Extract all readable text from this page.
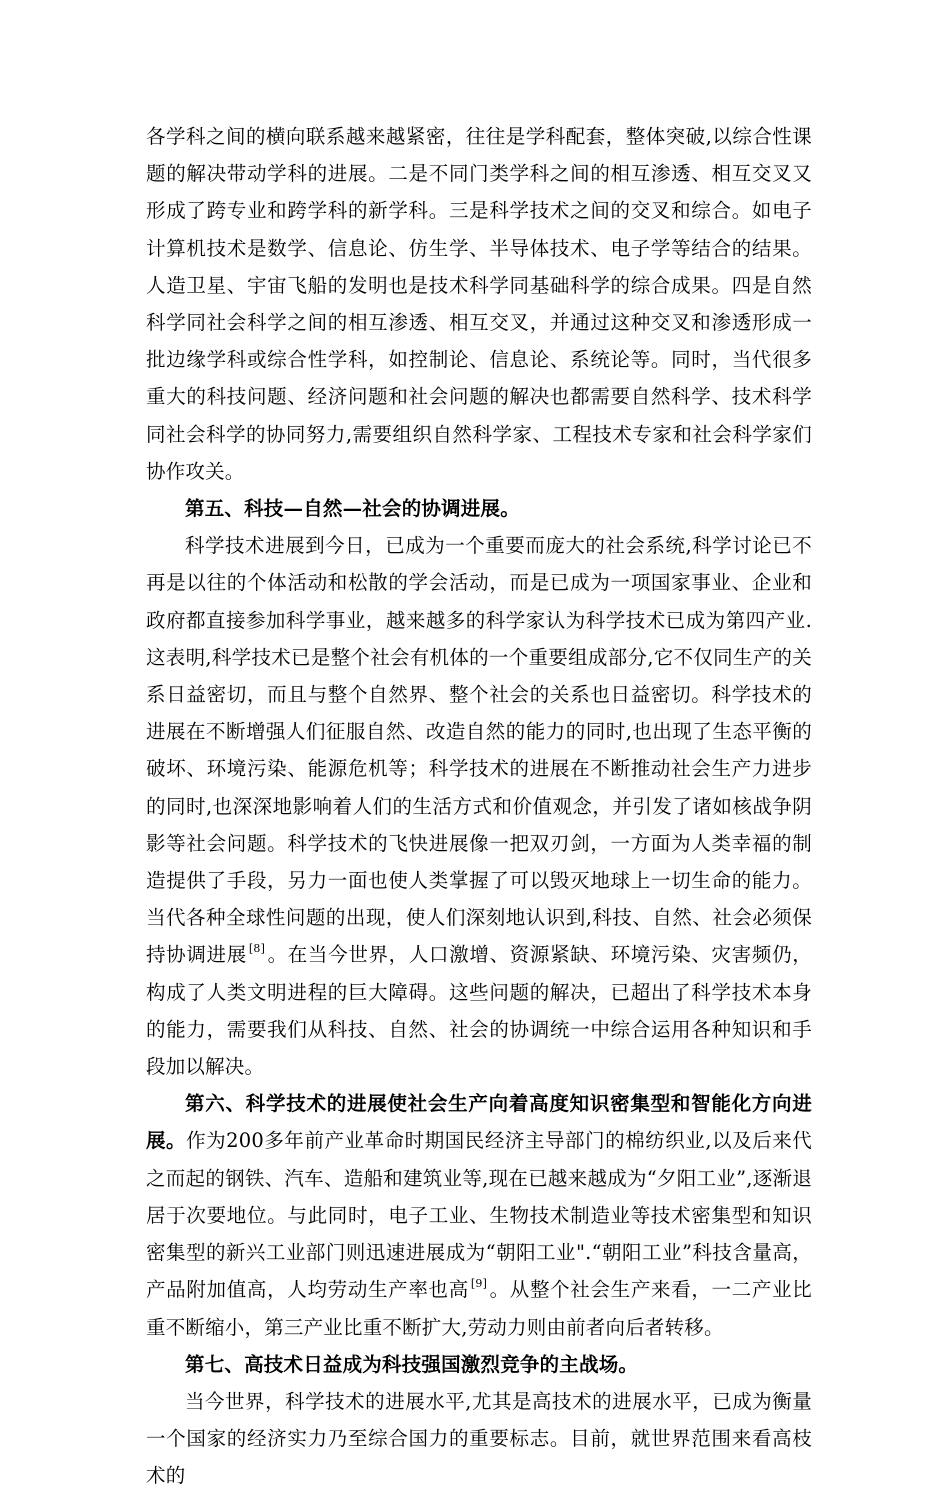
各学科之间的横向联系越来越紧密，往往是学科配套，整体突破,以综合性课题的解决带动学科的进展。二是不同门类学科之间的相互渗透、相互交叉又形成了跨专业和跨学科的新学科。三是科学技术之间的交叉和综合。如电子计算机技术是数学、信息论、仿生学、半导体技术、电子学等结合的结果。人造卫星、宇宙飞船的发明也是技术科学同基础科学的综合成果。四是自然科学同社会科学之间的相互渗透、相互交叉，并通过这种交叉和渗透形成一批边缘学科或综合性学科，如控制论、信息论、系统论等。同时，当代很多重大的科技问题、经济问题和社会问题的解决也都需要自然科学、技术科学同社会科学的协同努力,需要组织自然科学家、工程技术专家和社会科学家们协作攻关。

第五、科技—自然—社会的协调进展。

科学技术进展到今日，已成为一个重要而庞大的社会系统,科学讨论已不再是以往的个体活动和松散的学会活动，而是已成为一项国家事业、企业和政府都直接参加科学事业，越来越多的科学家认为科学技术已成为第四产业.这表明,科学技术已是整个社会有机体的一个重要组成部分,它不仅同生产的关系日益密切，而且与整个自然界、整个社会的关系也日益密切。科学技术的进展在不断增强人们征服自然、改造自然的能力的同时,也出现了生态平衡的破坏、环境污染、能源危机等；科学技术的进展在不断推动社会生产力进步的同时,也深深地影响着人们的生活方式和价值观念，并引发了诸如核战争阴影等社会问题。科学技术的飞快进展像一把双刃剑，一方面为人类幸福的制造提供了手段，另力一面也使人类掌握了可以毁灭地球上一切生命的能力。当代各种全球性问题的出现，使人们深刻地认识到,科技、自然、社会必须保持协调进展 [8] 。在当今世界，人口激增、资源紧缺、环境污染、灾害频仍，构成了人类文明进程的巨大障碍。这些问题的解决，已超出了科学技术本身的能力，需要我们从科技、自然、社会的协调统一中综合运用各种知识和手段加以解决。

第六、科学技术的进展使社会生产向着高度知识密集型和智能化方向进展。作为200多年前产业革命时期国民经济主导部门的棉纺织业,以及后来代之而起的钢铁、汽车、造船和建筑业等,现在已越来越成为“夕阳工业”,逐渐退居于次要地位。与此同时，电子工业、生物技术制造业等技术密集型和知识密集型的新兴工业部门则迅速进展成为“朝阳工业".“朝阳工业”科技含量高，产品附加值高，人均劳动生产率也高 [9] 。从整个社会生产来看，一二产业比重不断缩小，第三产业比重不断扩大,劳动力则由前者向后者转移。

第七、高技术日益成为科技强国激烈竞争的主战场。

当今世界，科学技术的进展水平,尤其是高技术的进展水平，已成为衡量一个国家的经济实力乃至综合国力的重要标志。目前，就世界范围来看高枝术的
